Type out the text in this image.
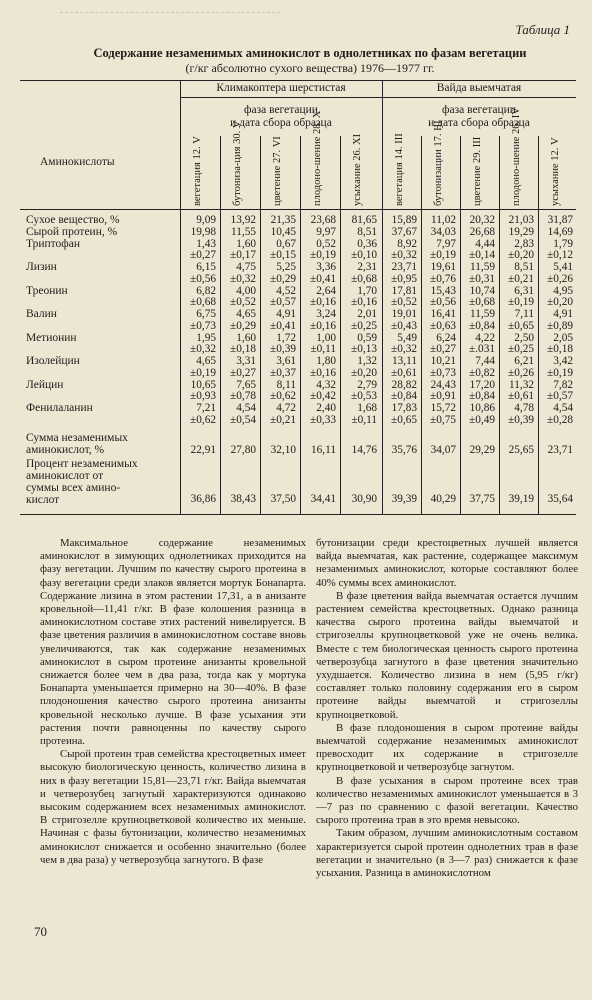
Таблица 1
Содержание незаменимых аминокислот в однолетниках по фазам вегетации
(г/кг абсолютно сухого вещества) 1976—1977 гг.
Климакоптера шерстистая	Вайда выемчатая
фаза вегетации
и дата сбора образца
фаза вегетации
и дата сбора образца
Аминокислоты	вегетация 12. V	бутониза-ция 30. V	цветение 27. VI	плодоно-шение 28. X	усыхание 26. XI	вегетация 14. III	бутонизации 17. III	цветение 29. III	плодоно-шение 26. IV	усыхание 12. V
Сухое вещество, %	9,09	13,92	21,35	23,68	81,65	15,89	11,02	20,32	21,03	31,87
Сырой протеин, %	19,98	11,55	10,45	9,97	8,51	37,67	34,03	26,68	19,29	14,69
Триптофан	1,43	1,60	0,67	0,52	0,36	8,92	7,97	4,44	2,83	1,79
±0,27	±0,17	±0,15	±0,19	±0,10	±0,32	±0,19	±0,14	±0,20	±0,12
Лизин	6,15	4,75	5,25	3,36	2,31	23,71	19,61	11,59	8,51	5,41
±0,56	±0,32	±0,29	±0,41	±0,68	±0,95	±0,76	±0,31	±0,21	±0,26
Треонин	6,82	4,00	4,52	2,64	1,70	17,81	15,43	10,74	6,31	4,95
±0,68	±0,52	±0,57	±0,16	±0,16	±0,52	±0,56	±0,68	±0,19	±0,20
Валин	6,75	4,65	4,91	3,24	2,01	19,01	16,41	11,59	7,11	4,91
±0,73	±0,29	±0,41	±0,16	±0,25	±0,43	±0,63	±0,84	±0,65	±0,89
Метионин	1,95	1,60	1,72	1,00	0,59	5,49	6,24	4,22	2,50	2,05
±0,32	±0,18	±0,39	±0,11	±0,13	±0,32	±0,27	±.031	±0,25	±0,18
Изолейцин	4,65	3,31	3,61	1,80	1,32	13,11	10,21	7,44	6,21	3,42
±0,19	±0,27	±0,37	±0,16	±0,20	±0,61	±0,73	±0,82	±0,26	±0,19
Лейцин	10,65	7,65	8,11	4,32	2,79	28,82	24,43	17,20	11,32	7,82
±0,93	±0,78	±0,62	±0,42	±0,53	±0,84	±0,91	±0,84	±0,61	±0,57
Фенилаланин	7,21	4,54	4,72	2,40	1,68	17,83	15,72	10,86	4,78	4,54
±0,62	±0,54	±0,21	±0,33	±0,11	±0,65	±0,75	±0,49	±0,39	±0,28
Сумма незаменимых
аминокислот, %	22,91	27,80	32,10	16,11	14,76	35,76	34,07	29,29	25,65	23,71
Процент незаменимых
аминокислот от
суммы всех амино-
кислот	36,86	38,43	37,50	34,41	30,90	39,39	40,29	37,75	39,19	35,64

Максимальное содержание незаменимых аминокислот в зимующих однолетниках приходится на фазу вегетации. Лучшим по качеству сырого протеина в фазу вегетации среди злаков является мортук Бонапарта. Содержание лизина в этом растении 17,31, а в анизанте кровельной—11,41 г/кг. В фазе колошения разница в аминокислотном составе этих растений нивелируется. В фазе цветения различия в аминокислотном составе вновь увеличиваются, так как содержание незаменимых аминокислот в сыром протеине анизанты кровельной снижается более чем в два раза, тогда как у мортука Бонапарта уменьшается примерно на 30—40%. В фазе плодоношения качество сырого протеина анизанты кровельной несколько лучше. В фазе усыхания эти растения почти равноценны по качеству сырого протеина.

Сырой протеин трав семейства крестоцветных имеет высокую биологическую ценность, количество лизина в них в фазу вегетации 15,81—23,71 г/кг. Вайда выемчатая и четверозубец загнутый характеризуются одинаково высоким содержанием всех незаменимых аминокислот. В стригозелле крупноцветковой количество их меньше. Начиная с фазы бутонизации, количество незаменимых аминокислот снижается и особенно значительно (более чем в два раза) у четверозубца загнутого. В фазе

бутонизации среди крестоцветных лучшей является вайда выемчатая, как растение, содержащее максимум незаменимых аминокислот, которые составляют более 40% суммы всех аминокислот.

В фазе цветения вайда выемчатая остается лучшим растением семейства крестоцветных. Однако разница качества сырого протеина вайды выемчатой и стригозеллы крупноцветковой уже не очень велика. Вместе с тем биологическая ценность сырого протеина четверозубца загнутого в фазе цветения значительно ухудшается. Количество лизина в нем (5,95 г/кг) составляет только половину содержания его в сыром протеине вайды выемчатой и стригозеллы крупноцветковой.

В фазе плодоношения в сыром протеине вайды выемчатой содержание незаменимых аминокислот превосходит их содержание в стригозелле крупноцветковой и четверозубце загнутом.

В фазе усыхания в сыром протеине всех трав количество незаменимых аминокислот уменьшается в 3—7 раз по сравнению с фазой вегетации. Качество сырого протеина трав в это время невысоко.

Таким образом, лучшим аминокислотным составом характеризуется сырой протеин однолетних трав в фазе вегетации и значительно (в 3—7 раз) снижается к фазе усыхания. Разница в аминокислотном

70
